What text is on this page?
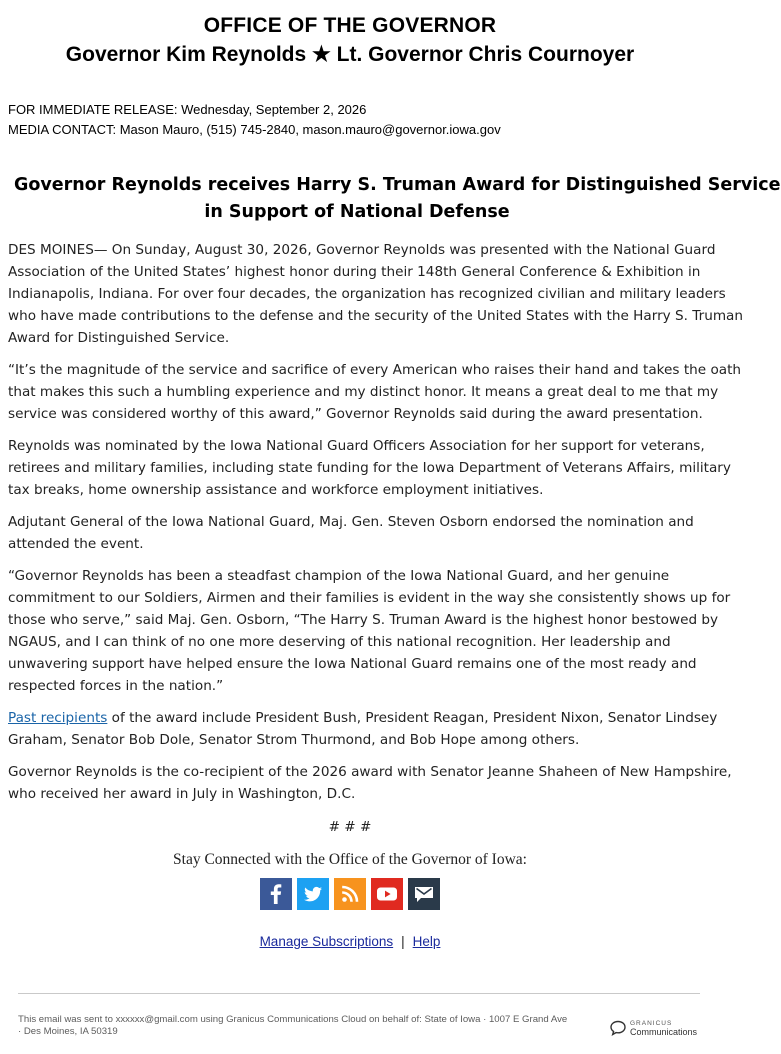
OFFICE OF THE GOVERNOR
Governor Kim Reynolds ★ Lt. Governor Chris Cournoyer
FOR IMMEDIATE RELEASE: Wednesday, September 2, 2026
MEDIA CONTACT: Mason Mauro, (515) 745-2840, mason.mauro@governor.iowa.gov
Governor Reynolds receives Harry S. Truman Award for Distinguished Service
in Support of National Defense

DES MOINES— On Sunday, August 30, 2026, Governor Reynolds was presented with the National Guard
Association of the United States’ highest honor during their 148th General Conference & Exhibition in
Indianapolis, Indiana. For over four decades, the organization has recognized civilian and military leaders
who have made contributions to the defense and the security of the United States with the Harry S. Truman
Award for Distinguished Service.

“It’s the magnitude of the service and sacrifice of every American who raises their hand and takes the oath
that makes this such a humbling experience and my distinct honor. It means a great deal to me that my
service was considered worthy of this award,” Governor Reynolds said during the award presentation.

Reynolds was nominated by the Iowa National Guard Officers Association for her support for veterans,
retirees and military families, including state funding for the Iowa Department of Veterans Affairs, military
tax breaks, home ownership assistance and workforce employment initiatives.

Adjutant General of the Iowa National Guard, Maj. Gen. Steven Osborn endorsed the nomination and
attended the event.

“Governor Reynolds has been a steadfast champion of the Iowa National Guard, and her genuine
commitment to our Soldiers, Airmen and their families is evident in the way she consistently shows up for
those who serve,” said Maj. Gen. Osborn, “The Harry S. Truman Award is the highest honor bestowed by
NGAUS, and I can think of no one more deserving of this national recognition. Her leadership and
unwavering support have helped ensure the Iowa National Guard remains one of the most ready and
respected forces in the nation.”

Past recipients of the award include President Bush, President Reagan, President Nixon, Senator Lindsey
Graham, Senator Bob Dole, Senator Strom Thurmond, and Bob Hope among others.

Governor Reynolds is the co-recipient of the 2026 award with Senator Jeanne Shaheen of New Hampshire,
who received her award in July in Washington, D.C.

# # #
Stay Connected with the Office of the Governor of Iowa:
Manage Subscriptions | Help
This email was sent to xxxxxx@gmail.com using Granicus Communications Cloud on behalf of: State of Iowa · 1007 E Grand Ave
· Des Moines, IA 50319
GRANICUS
Communications
